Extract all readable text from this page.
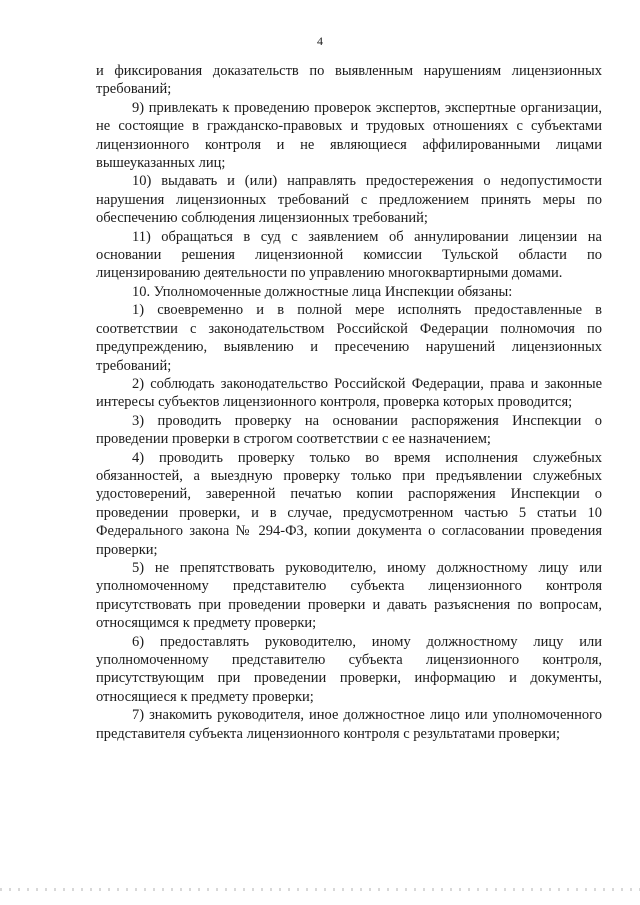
4

и фиксирования доказательств по выявленным нарушениям лицензионных требований;

9) привлекать к проведению проверок экспертов, экспертные организации, не состоящие в гражданско-правовых и трудовых отношениях с субъектами лицензионного контроля и не являющиеся аффилированными лицами вышеуказанных лиц;

10) выдавать и (или) направлять предостережения о недопустимости нарушения лицензионных требований с предложением принять меры по обеспечению соблюдения лицензионных требований;

11) обращаться в суд с заявлением об аннулировании лицензии на основании решения лицензионной комиссии Тульской области по лицензированию деятельности по управлению многоквартирными домами.

10. Уполномоченные должностные лица Инспекции обязаны:

1) своевременно и в полной мере исполнять предоставленные в соответствии с законодательством Российской Федерации полномочия по предупреждению, выявлению и пресечению нарушений лицензионных требований;

2) соблюдать законодательство Российской Федерации, права и законные интересы субъектов лицензионного контроля, проверка которых проводится;

3) проводить проверку на основании распоряжения Инспекции о проведении проверки в строгом соответствии с ее назначением;

4) проводить проверку только во время исполнения служебных обязанностей, а выездную проверку только при предъявлении служебных удостоверений, заверенной печатью копии распоряжения Инспекции о проведении проверки, и в случае, предусмотренном частью 5 статьи 10 Федерального закона № 294-ФЗ, копии документа о согласовании проведения проверки;

5) не препятствовать руководителю, иному должностному лицу или уполномоченному представителю субъекта лицензионного контроля присутствовать при проведении проверки и давать разъяснения по вопросам, относящимся к предмету проверки;

6) предоставлять руководителю, иному должностному лицу или уполномоченному представителю субъекта лицензионного контроля, присутствующим при проведении проверки, информацию и документы, относящиеся к предмету проверки;

7) знакомить руководителя, иное должностное лицо или уполномоченного представителя субъекта лицензионного контроля с результатами проверки;
